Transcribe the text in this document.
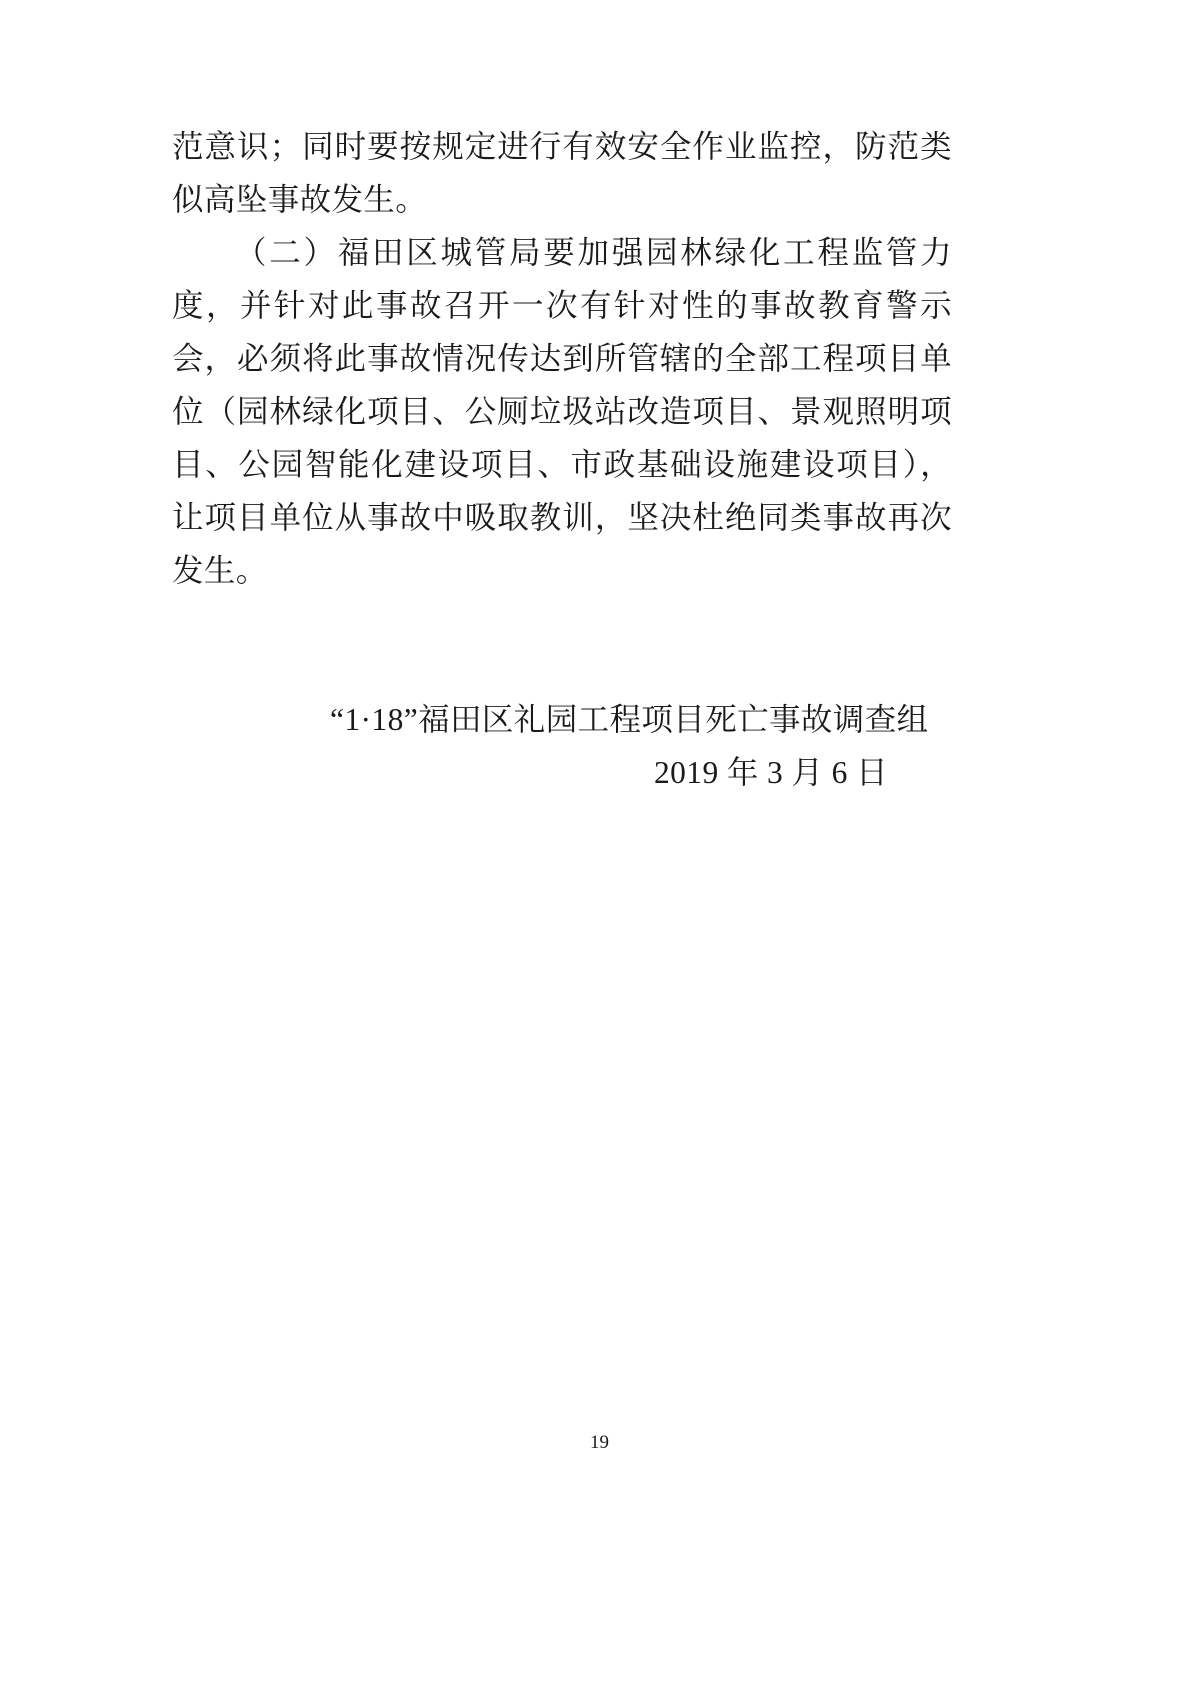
范意识；同时要按规定进行有效安全作业监控，防范类似高坠事故发生。

（二）福田区城管局要加强园林绿化工程监管力度，并针对此事故召开一次有针对性的事故教育警示会，必须将此事故情况传达到所管辖的全部工程项目单位（园林绿化项目、公厕垃圾站改造项目、景观照明项目、公园智能化建设项目、市政基础设施建设项目），让项目单位从事故中吸取教训，坚决杜绝同类事故再次发生。

“1·18”福田区礼园工程项目死亡事故调查组

2019 年 3 月 6 日

19
